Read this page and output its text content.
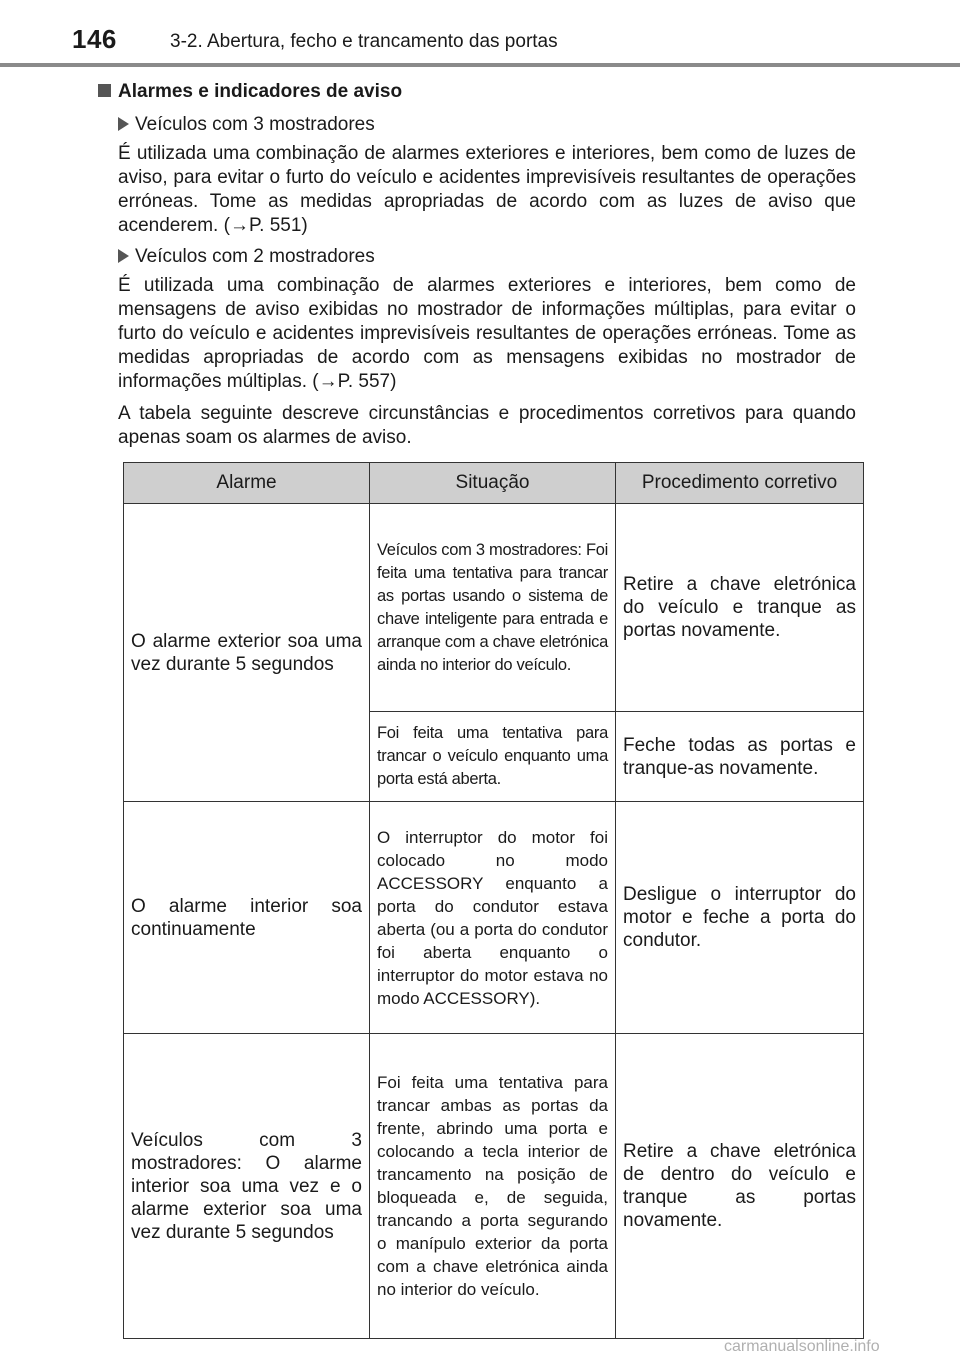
146	3-2. Abertura, fecho e trancamento das portas
Alarmes e indicadores de aviso
Veículos com 3 mostradores
É utilizada uma combinação de alarmes exteriores e interiores, bem como de luzes de aviso, para evitar o furto do veículo e acidentes imprevisíveis resultantes de operações erróneas. Tome as medidas apropriadas de acordo com as luzes de aviso que acenderem. (→P. 551)
Veículos com 2 mostradores
É utilizada uma combinação de alarmes exteriores e interiores, bem como de mensagens de aviso exibidas no mostrador de informações múltiplas, para evitar o furto do veículo e acidentes imprevisíveis resultantes de operações erróneas. Tome as medidas apropriadas de acordo com as mensagens exibidas no mostrador de informações múltiplas. (→P. 557)
A tabela seguinte descreve circunstâncias e procedimentos corretivos para quando apenas soam os alarmes de aviso.
Alarme	Situação	Procedimento corretivo
O alarme exterior soa uma vez durante 5 segundos	Veículos com 3 mostradores: Foi feita uma tentativa para trancar as portas usando o sistema de chave inteligente para entrada e arranque com a chave eletrónica ainda no interior do veículo.	Retire a chave eletrónica do veículo e tranque as portas novamente.
	Foi feita uma tentativa para trancar o veículo enquanto uma porta está aberta.	Feche todas as portas e tranque-as novamente.
O alarme interior soa continuamente	O interruptor do motor foi colocado no modo ACCESSORY enquanto a porta do condutor estava aberta (ou a porta do condutor foi aberta enquanto o interruptor do motor estava no modo ACCESSORY).	Desligue o interruptor do motor e feche a porta do condutor.
Veículos com 3 mostradores: O alarme interior soa uma vez e o alarme exterior soa uma vez durante 5 segundos	Foi feita uma tentativa para trancar ambas as portas da frente, abrindo uma porta e colocando a tecla interior de trancamento na posição de bloqueada e, de seguida, trancando a porta segurando o manípulo exterior da porta com a chave eletrónica ainda no interior do veículo.	Retire a chave eletrónica de dentro do veículo e tranque as portas novamente.
carmanualsonline.info
